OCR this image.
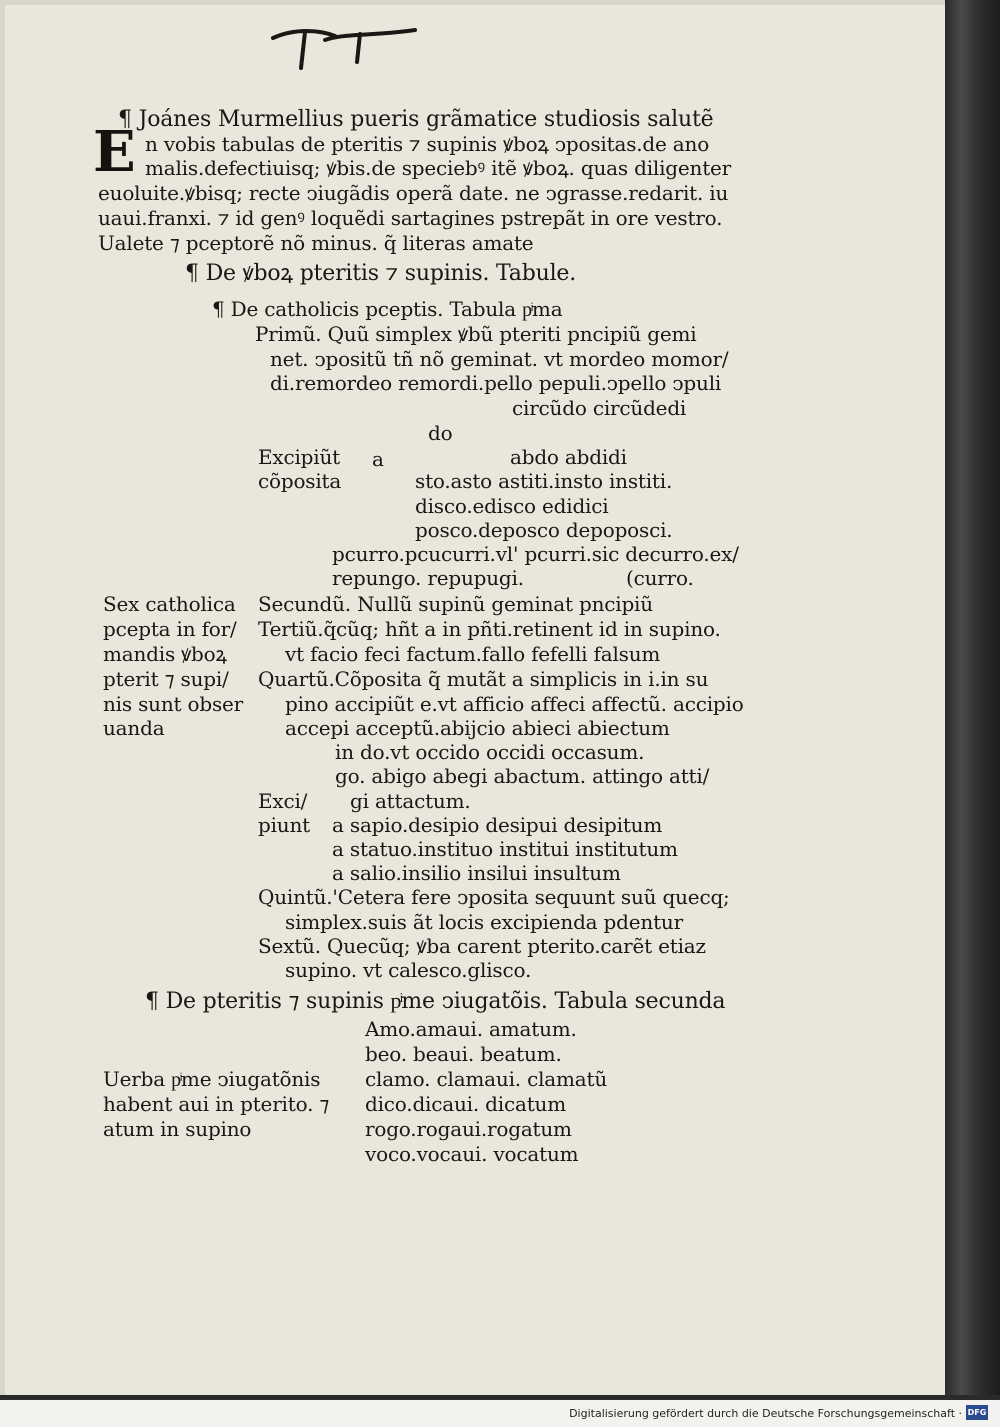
¶ Joánes Murmellius pueris grãmatice studiosis salutẽ
E n vobis tabulas de pteritis ⁊ supinis ꝟboꝝ ↄpositas.de ano
malis.defectiuisq; ꝟbis.de speciebꝰ itẽ ꝟboꝝ. quas diligenter
euoluite.ꝟbisq; recte ↄiugãdis operã date. ne ↄgrasse.redarit. iu
uaui.franxi. ⁊ id genꝰ loquẽdi sartagines pstrepãt in ore vestro.
Ualete ⁊ pceptorẽ nõ minus. q̃ literas amate
¶ De ꝟboꝝ pteritis ⁊ supinis. Tabule.
¶ De catholicis pceptis. Tabula pͥma
Primũ. Quũ simplex ꝟbũ pteriti pncipiũ gemi
net. ↄpositũ tñ nõ geminat. vt mordeo momor/
di.remordeo remordi.pello pepuli.ↄpello ↄpuli
circũdo circũdedi
do
Excipiũt
cõposita
a	abdo abdidi
sto.asto astiti.insto institi.
disco.edisco edidici
posco.deposco depoposci.
pcurro.pcucurri.vl' pcurri.sic decurro.ex/
repungo. repupugi.	(curro.
Secundũ. Nullũ supinũ geminat pncipiũ
Tertiũ.q̃cũq; hñt a in pñti.retinent id in supino.
vt facio feci factum.fallo fefelli falsum
Quartũ.Cõposita q̃ mutãt a simplicis in i.in su
pino accipiũt e.vt afficio affeci affectũ. accipio
accepi acceptũ.abijcio abieci abiectum
in do.vt occido occidi occasum.
go. abigo abegi abactum. attingo atti/
gi attactum.
Exci/
piunt a sapio.desipio desipui desipitum
a statuo.instituo institui institutum
a salio.insilio insilui insultum
Quintũ.'Cetera fere ↄposita sequunt suũ quecq;
simplex.suis ãt locis excipienda pdentur
Sextũ. Quecũq; ꝟba carent pterito.carẽt etiaz
supino. vt calesco.glisco.
Sex catholica
pcepta in for/
mandis ꝟboꝝ
pterit ⁊ supi/
nis sunt obser
uanda
¶ De pteritis ⁊ supinis pͥme ↄiugatõis. Tabula secunda
Amo.amaui. amatum.
beo. beaui. beatum.
clamo. clamaui. clamatũ
dico.dicaui. dicatum
rogo.rogaui.rogatum
voco.vocaui. vocatum
Uerba pͥme ↄiugatõnis
habent aui in pterito. ⁊
atum in supino
Digitalisierung gefördert durch die Deutsche Forschungsgemeinschaft · DFG
